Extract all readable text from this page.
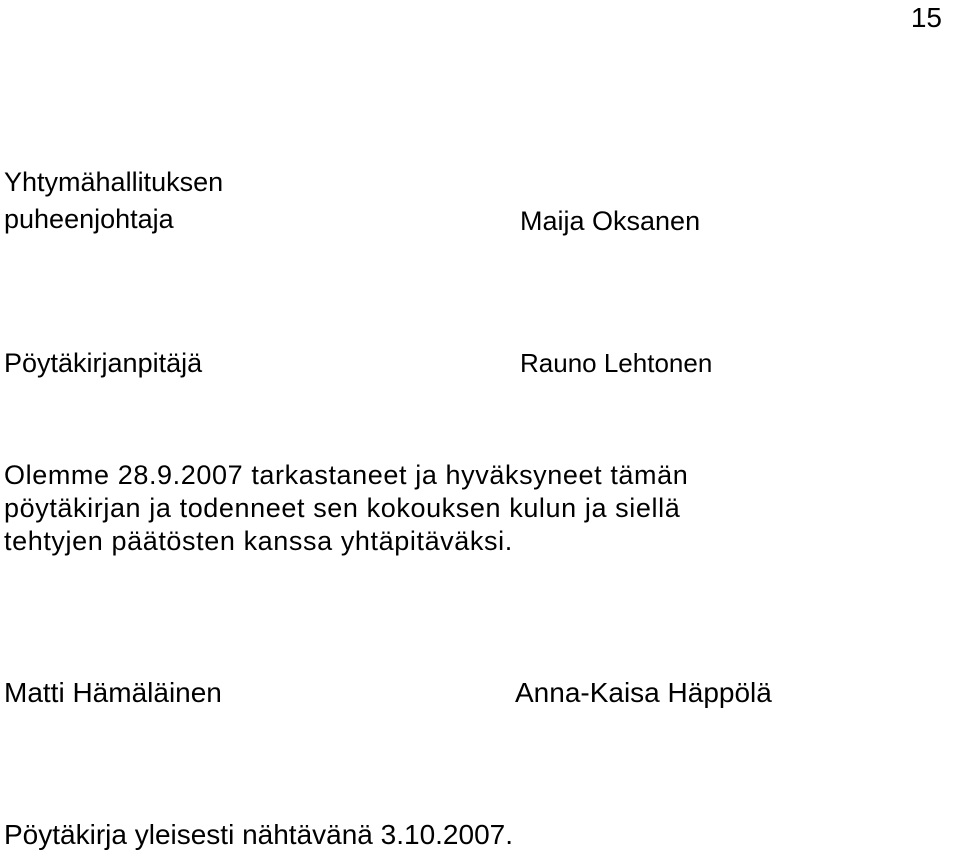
15
Yhtymähallituksen
puheenjohtaja	Maija Oksanen
Pöytäkirjanpitäjä	Rauno Lehtonen
Olemme 28.9.2007 tarkastaneet ja hyväksyneet tämän
pöytäkirjan ja todenneet sen kokouksen kulun ja siellä
tehtyjen päätösten kanssa yhtäpitäväksi.
Matti Hämäläinen	Anna-Kaisa Häppölä
Pöytäkirja yleisesti nähtävänä 3.10.2007.
